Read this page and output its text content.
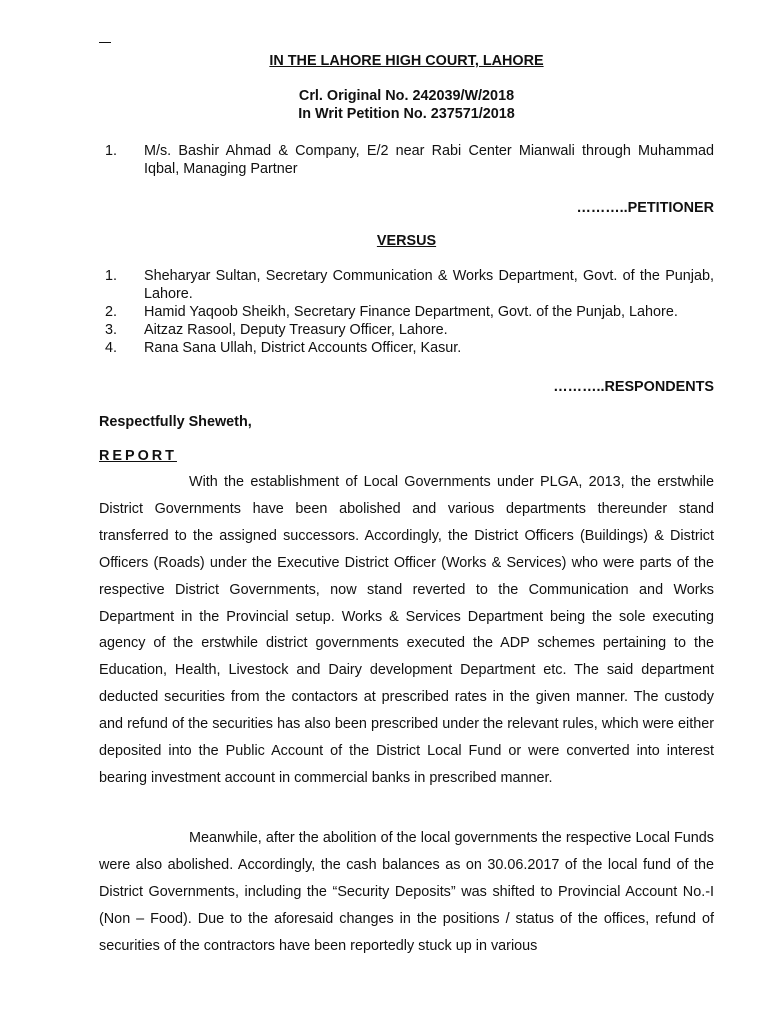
IN THE LAHORE HIGH COURT, LAHORE
Crl. Original No. 242039/W/2018
In Writ Petition No. 237571/2018
1.	M/s. Bashir Ahmad & Company, E/2 near Rabi Center Mianwali through Muhammad Iqbal, Managing Partner
………..PETITIONER
VERSUS
1.	Sheharyar Sultan, Secretary Communication & Works Department, Govt. of the Punjab, Lahore.
2.	Hamid Yaqoob Sheikh, Secretary Finance Department, Govt. of the Punjab, Lahore.
3.	Aitzaz Rasool, Deputy Treasury Officer, Lahore.
4.	Rana Sana Ullah, District Accounts Officer, Kasur.
………..RESPONDENTS
Respectfully Sheweth,
REPORT

With the establishment of Local Governments under PLGA, 2013, the erstwhile District Governments have been abolished and various departments thereunder stand transferred to the assigned successors. Accordingly, the District Officers (Buildings) & District Officers (Roads) under the Executive District Officer (Works & Services) who were parts of the respective District Governments, now stand reverted to the Communication and Works Department in the Provincial setup. Works & Services Department being the sole executing agency of the erstwhile district governments executed the ADP schemes pertaining to the Education, Health, Livestock and Dairy development Department etc. The said department deducted securities from the contactors at prescribed rates in the given manner. The custody and refund of the securities has also been prescribed under the relevant rules, which were either deposited into the Public Account of the District Local Fund or were converted into interest bearing investment account in commercial banks in prescribed manner.

Meanwhile, after the abolition of the local governments the respective Local Funds were also abolished. Accordingly, the cash balances as on 30.06.2017 of the local fund of the District Governments, including the “Security Deposits” was shifted to Provincial Account No.-I (Non – Food). Due to the aforesaid changes in the positions / status of the offices, refund of securities of the contractors have been reportedly stuck up in various
